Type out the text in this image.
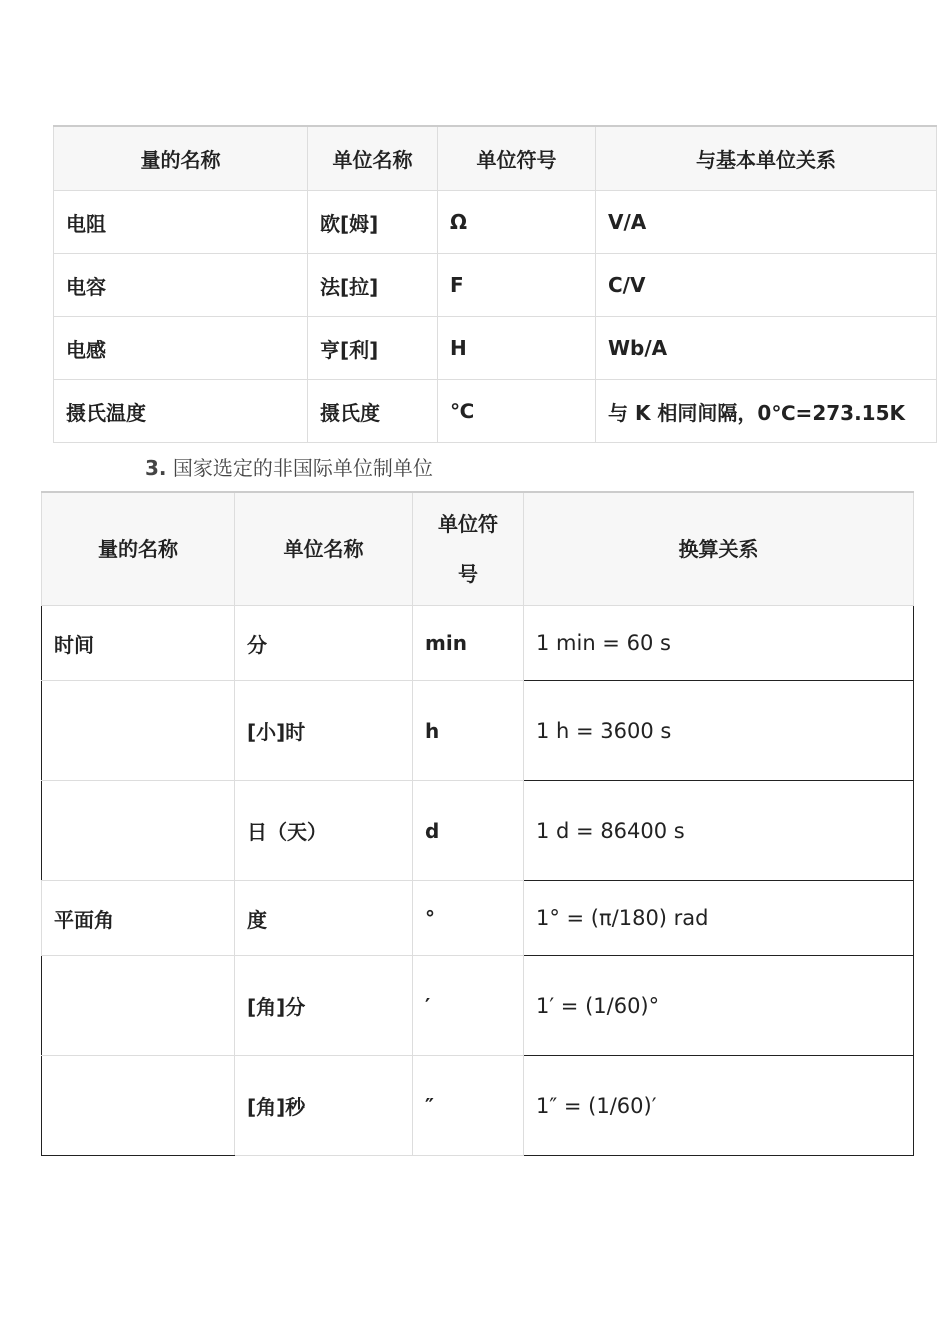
量的名称	单位名称	单位符号	与基本单位关系
电阻	欧[姆]	Ω	V/A
电容	法[拉]	F	C/V
电感	亨[利]	H	Wb/A
摄氏温度	摄氏度	℃	与 K 相同间隔，0℃=273.15K
3. 国家选定的非国际单位制单位
量的名称	单位名称	单位符号	换算关系
时间	分	min	1 min = 60 s
	[小]时	h	1 h = 3600 s
	日（天）	d	1 d = 86400 s
平面角	度	°	1° = (π/180) rad
	[角]分	′	1′ = (1/60)°
	[角]秒	″	1″ = (1/60)′
